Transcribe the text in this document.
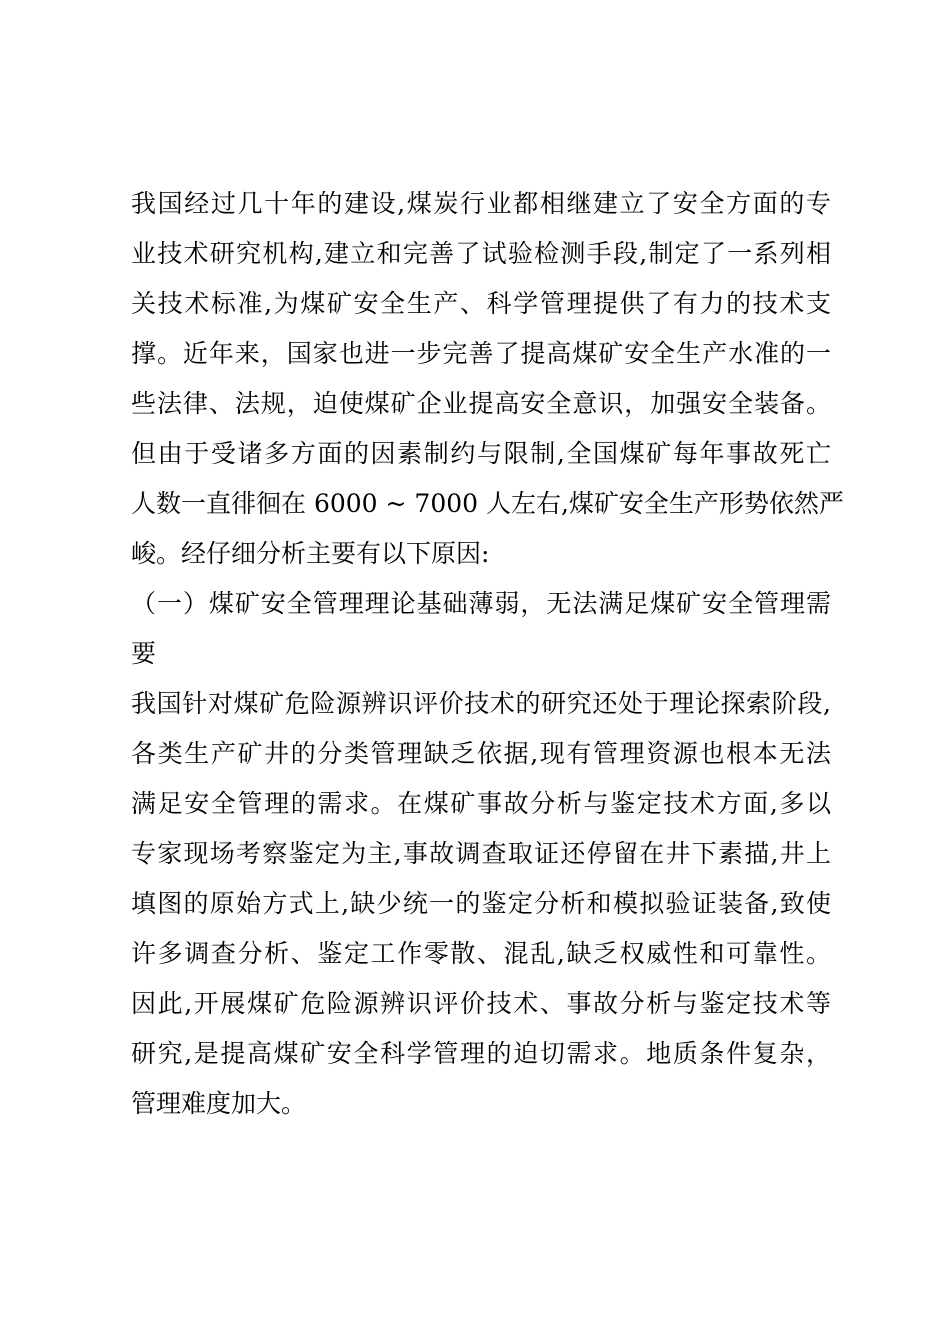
我国经过几十年的建设,煤炭行业都相继建立了安全方面的专
业技术研究机构,建立和完善了试验检测手段,制定了一系列相
关技术标准,为煤矿安全生产、科学管理提供了有力的技术支
撑。近年来，国家也进一步完善了提高煤矿安全生产水准的一
些法律、法规，迫使煤矿企业提高安全意识，加强安全装备。
但由于受诸多方面的因素制约与限制,全国煤矿每年事故死亡
人数一直徘徊在 6000 ~ 7000 人左右,煤矿安全生产形势依然严
峻。经仔细分析主要有以下原因:
（一）煤矿安全管理理论基础薄弱，无法满足煤矿安全管理需
要
我国针对煤矿危险源辨识评价技术的研究还处于理论探索阶段,
各类生产矿井的分类管理缺乏依据,现有管理资源也根本无法
满足安全管理的需求。在煤矿事故分析与鉴定技术方面,多以
专家现场考察鉴定为主,事故调查取证还停留在井下素描,井上
填图的原始方式上,缺少统一的鉴定分析和模拟验证装备,致使
许多调查分析、鉴定工作零散、混乱,缺乏权威性和可靠性。
因此,开展煤矿危险源辨识评价技术、事故分析与鉴定技术等
研究,是提高煤矿安全科学管理的迫切需求。地质条件复杂，
管理难度加大。
